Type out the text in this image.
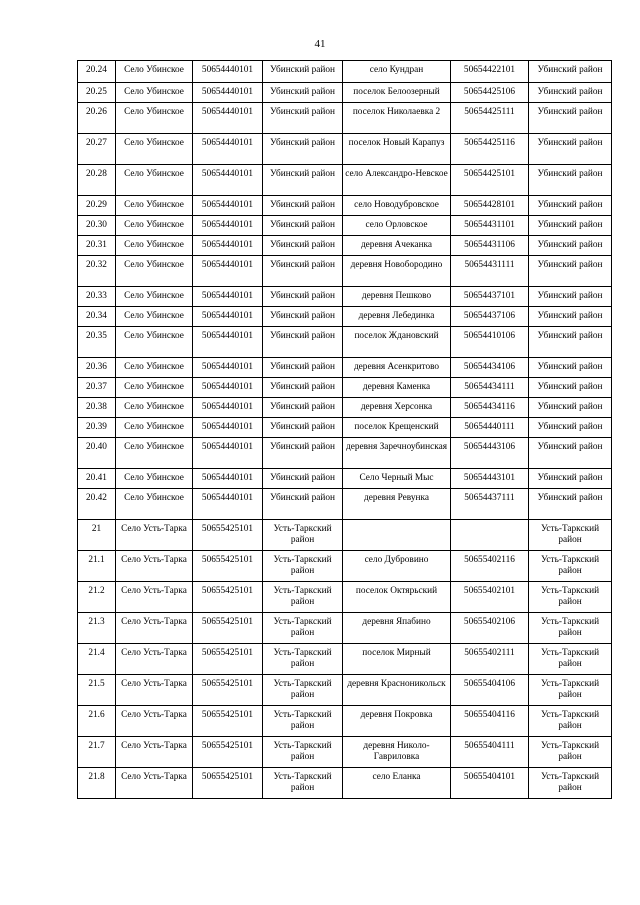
41
20.24	Село Убинское	50654440101	Убинский район	село Кундран	50654422101	Убинский район
20.25	Село Убинское	50654440101	Убинский район	поселок Белоозерный	50654425106	Убинский район
20.26	Село Убинское	50654440101	Убинский район	поселок Николаевка 2	50654425111	Убинский район
20.27	Село Убинское	50654440101	Убинский район	поселок Новый Карапуз	50654425116	Убинский район
20.28	Село Убинское	50654440101	Убинский район	село Александро-Невское	50654425101	Убинский район
20.29	Село Убинское	50654440101	Убинский район	село Новодубровское	50654428101	Убинский район
20.30	Село Убинское	50654440101	Убинский район	село Орловское	50654431101	Убинский район
20.31	Село Убинское	50654440101	Убинский район	деревня Ачеканка	50654431106	Убинский район
20.32	Село Убинское	50654440101	Убинский район	деревня Новобородино	50654431111	Убинский район
20.33	Село Убинское	50654440101	Убинский район	деревня Пешково	50654437101	Убинский район
20.34	Село Убинское	50654440101	Убинский район	деревня Лебединка	50654437106	Убинский район
20.35	Село Убинское	50654440101	Убинский район	поселок Ждановский	50654410106	Убинский район
20.36	Село Убинское	50654440101	Убинский район	деревня Асенкритово	50654434106	Убинский район
20.37	Село Убинское	50654440101	Убинский район	деревня Каменка	50654434111	Убинский район
20.38	Село Убинское	50654440101	Убинский район	деревня Херсонка	50654434116	Убинский район
20.39	Село Убинское	50654440101	Убинский район	поселок Крещенский	50654440111	Убинский район
20.40	Село Убинское	50654440101	Убинский район	деревня Заречноубинская	50654443106	Убинский район
20.41	Село Убинское	50654440101	Убинский район	Село Черный Мыс	50654443101	Убинский район
20.42	Село Убинское	50654440101	Убинский район	деревня Ревунка	50654437111	Убинский район
21	Село Усть-Тарка	50655425101	Усть-Таркский район			Усть-Таркский район
21.1	Село Усть-Тарка	50655425101	Усть-Таркский район	село Дубровино	50655402116	Усть-Таркский район
21.2	Село Усть-Тарка	50655425101	Усть-Таркский район	поселок Октярьский	50655402101	Усть-Таркский район
21.3	Село Усть-Тарка	50655425101	Усть-Таркский район	деревня Япабино	50655402106	Усть-Таркский район
21.4	Село Усть-Тарка	50655425101	Усть-Таркский район	поселок Мирный	50655402111	Усть-Таркский район
21.5	Село Усть-Тарка	50655425101	Усть-Таркский район	деревня Красноникольск	50655404106	Усть-Таркский район
21.6	Село Усть-Тарка	50655425101	Усть-Таркский район	деревня Покровка	50655404116	Усть-Таркский район
21.7	Село Усть-Тарка	50655425101	Усть-Таркский район	деревня Николо-Гавриловка	50655404111	Усть-Таркский район
21.8	Село Усть-Тарка	50655425101	Усть-Таркский район	село Еланка	50655404101	Усть-Таркский район
